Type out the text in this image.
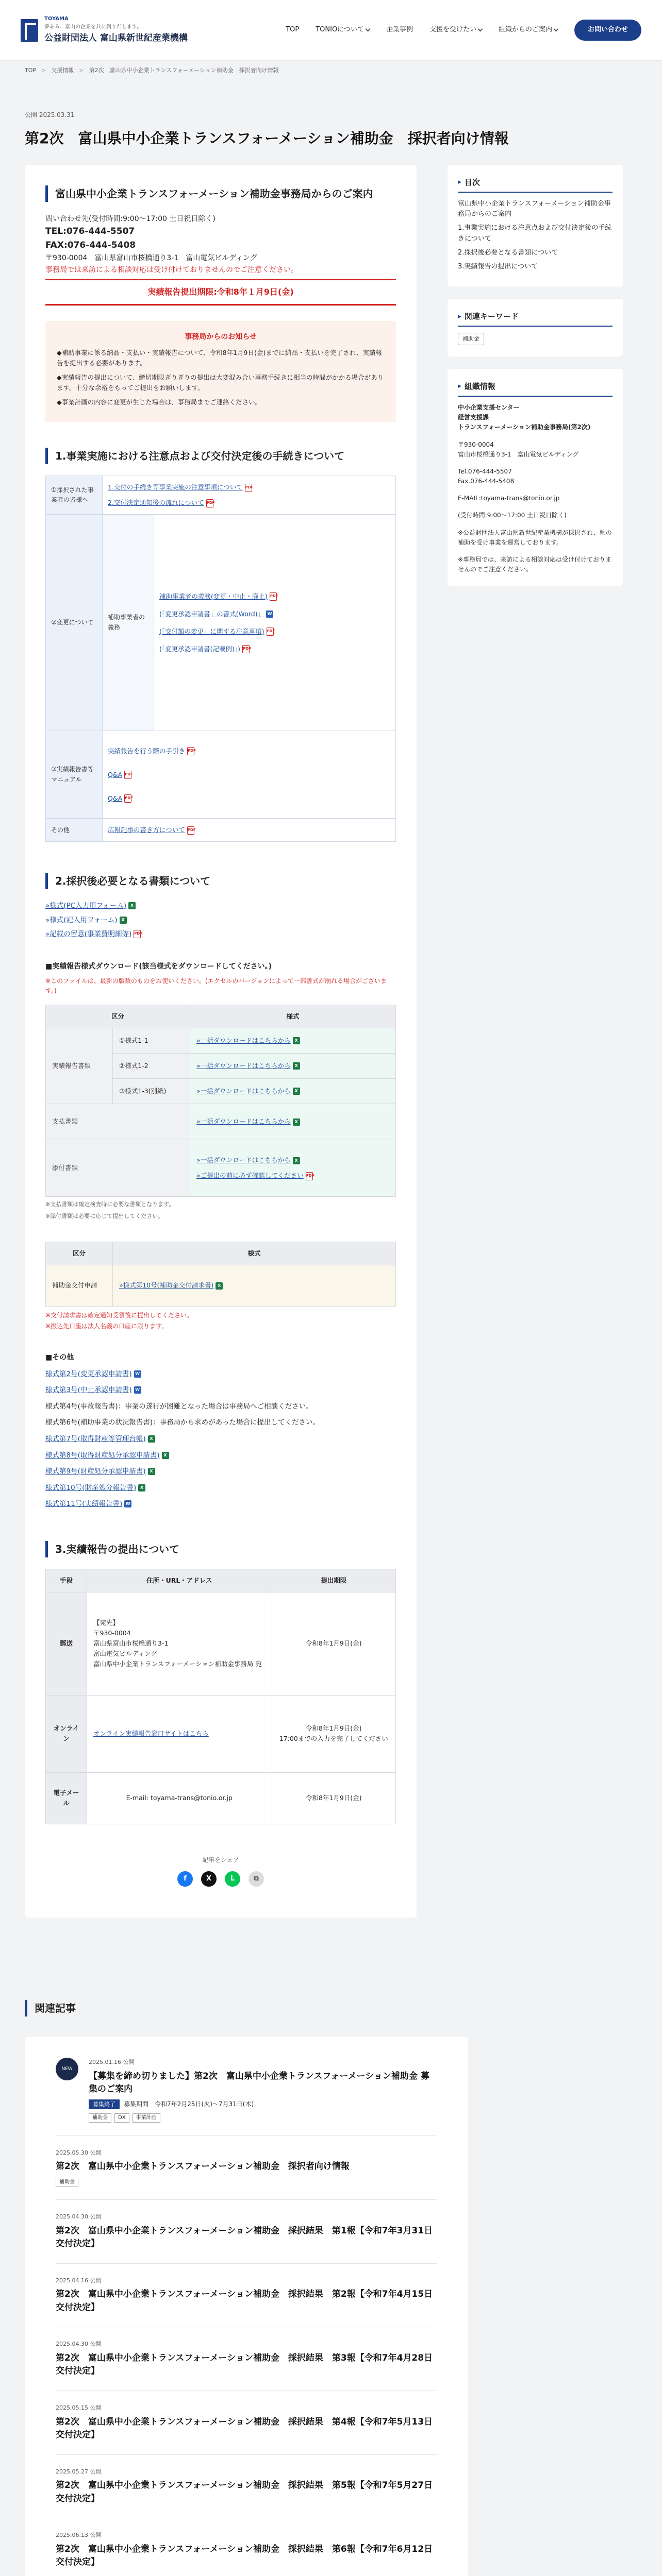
TOYAMA
夢ある、富山の企業を共に創りだします。
公益財団法人 富山県新世紀産業機構
TOP TONIOについて	企業事例 支援を受けたい	組織からのご案内	お問い合わせ
TOP > 支援情報 > 第2次　富山県中小企業トランスフォーメーション補助金　採択者向け情報
公開 2025.03.31
第2次　富山県中小企業トランスフォーメーション補助金　採択者向け情報
富山県中小企業トランスフォーメーション補助金事務局からのご案内

問い合わせ先(受付時間:9:00〜17:00 土日祝日除く)

TEL:076-444-5507

FAX:076-444-5408

〒930-0004　富山県富山市桜橋通り3-1　富山電気ビルディング

事務局では来訪による相談対応は受け付けておりませんのでご注意ください。

実績報告提出期限:令和8年１月9日(金)
事務局からのお知らせ

◆補助事業に係る納品・支払い・実績報告について、令和8年1月9日(金)までに納品・支払いを完了され、実績報告を提出する必要があります。

◆実績報告の提出について、締切期限ぎりぎりの提出は大変混み合い事務手続きに相当の時間がかかる場合があります。十分な余裕をもってご提出をお願いします。

◆事業計画の内容に変更が生じた場合は、事務局までご連絡ください。

1.事業実施における注意点および交付決定後の手続きについて
①採択された事業者の皆様へ	1.交付の手続き等事業実施の注意事項について PDF
2.交付決定通知後の流れについて PDF	

②変更について	補助事業者の義務	補助事業者の義務(変更・中止・廃止) PDF
(「変更承認申請書」の書式(Word)」 W
(「交付額の変更」に関する注意事項) PDF
(「変更承認申請書(記載例)」) PDF

③実績報告書等マニュアル	実績報告を行う際の手引き PDF
Q&A PDF
Q&A PDF	

その他	広報記事の書き方について PDF	
2.採択後必要となる書類について
»様式(PC入力用フォーム) X
»様式(記入用フォーム) X
»記載の留意(事業費明細等) PDF
■実績報告様式ダウンロード(該当様式をダウンロードしてください。)
※このファイルは、最新の版数のものをお使いください。(エクセルのバージョンによって一部書式が崩れる場合がございます。)
区分		様式
実績報告書類	①様式1-1	»一括ダウンロードはこちらから X
	②様式1-2	»一括ダウンロードはこちらから X
	③様式1-3(別紙)	»一括ダウンロードはこちらから X
支払書類		»一括ダウンロードはこちらから X
添付書類		»一括ダウンロードはこちらから X
»ご提出の前に必ず確認してください PDF
※支払書類は確定検査時に必要な書類となります。
※添付書類は必要に応じて提出してください。
区分	様式
補助金交付申請	»様式第10号(補助金交付請求書) X
※交付請求書は確定通知受領後に提出してください。
※振込先口座は法人名義の口座に限ります。
■その他
様式第2号(変更承認申請書) W
様式第3号(中止承認申請書) W
様式第4号(事故報告書)：事業の遂行が困難となった場合は事務局へご相談ください。
様式第6号(補助事業の状況報告書)：事務局から求めがあった場合に提出してください。
様式第7号(取得財産等管理台帳) X
様式第8号(取得財産処分承認申請書) X
様式第9号(財産処分承認申請書) X
様式第10号(財産処分報告書) X
様式第11号(実績報告書) W
3.実績報告の提出について
手段	住所・URL・アドレス	提出期限
郵送	【宛先】
〒930-0004
富山県富山市桜橋通り3-1
富山電気ビルディング
富山県中小企業トランスフォーメーション補助金事務局 宛	令和8年1月9日(金)
オンライン	オンライン実績報告窓口サイトはこちら	令和8年1月9日(金)
17:00までの入力を完了してください
電子メール	E-mail: toyama-trans@tonio.or.jp	令和8年1月9日(金)
記事をシェア
f	X	L	⧉
▶ 目次
富山県中小企業トランスフォーメーション補助金事務局からのご案内
1.事業実施における注意点および交付決定後の手続きについて
2.採択後必要となる書類について
3.実績報告の提出について
▶ 関連キーワード
補助金
▶ 組織情報

中小企業支援センター

経営支援課

トランスフォーメーション補助金事務局(第2次)

〒930-0004

富山市桜橋通り3-1　富山電気ビルディング

Tel.076-444-5507

Fax.076-444-5408

E-MAIL:toyama-trans@tonio.or.jp

(受付時間:9:00〜17:00 土日祝日除く)

※公益財団法人富山県新世紀産業機構が採択され、県の補助を受け事業を運営しております。

※事務局では、来訪による相談対応は受け付けておりませんのでご注意ください。

関連記事
NEW
2025.01.16 公開
【募集を締め切りました】第2次　富山県中小企業トランスフォーメーション補助金 募集のご案内
募集終了 募集期間　令和7年2月25日(火)〜7月31日(木)
補助金 DX 事業計画
2025.05.30 公開
第2次　富山県中小企業トランスフォーメーション補助金　採択者向け情報
補助金
2025.04.30 公開
第2次　富山県中小企業トランスフォーメーション補助金　採択結果　第1報【令和7年3月31日交付決定】
2025.04.16 公開
第2次　富山県中小企業トランスフォーメーション補助金　採択結果　第2報【令和7年4月15日交付決定】
2025.04.30 公開
第2次　富山県中小企業トランスフォーメーション補助金　採択結果　第3報【令和7年4月28日交付決定】
2025.05.15 公開
第2次　富山県中小企業トランスフォーメーション補助金　採択結果　第4報【令和7年5月13日交付決定】
2025.05.27 公開
第2次　富山県中小企業トランスフォーメーション補助金　採択結果　第5報【令和7年5月27日交付決定】
2025.06.13 公開
第2次　富山県中小企業トランスフォーメーション補助金　採択結果　第6報【令和7年6月12日交付決定】
